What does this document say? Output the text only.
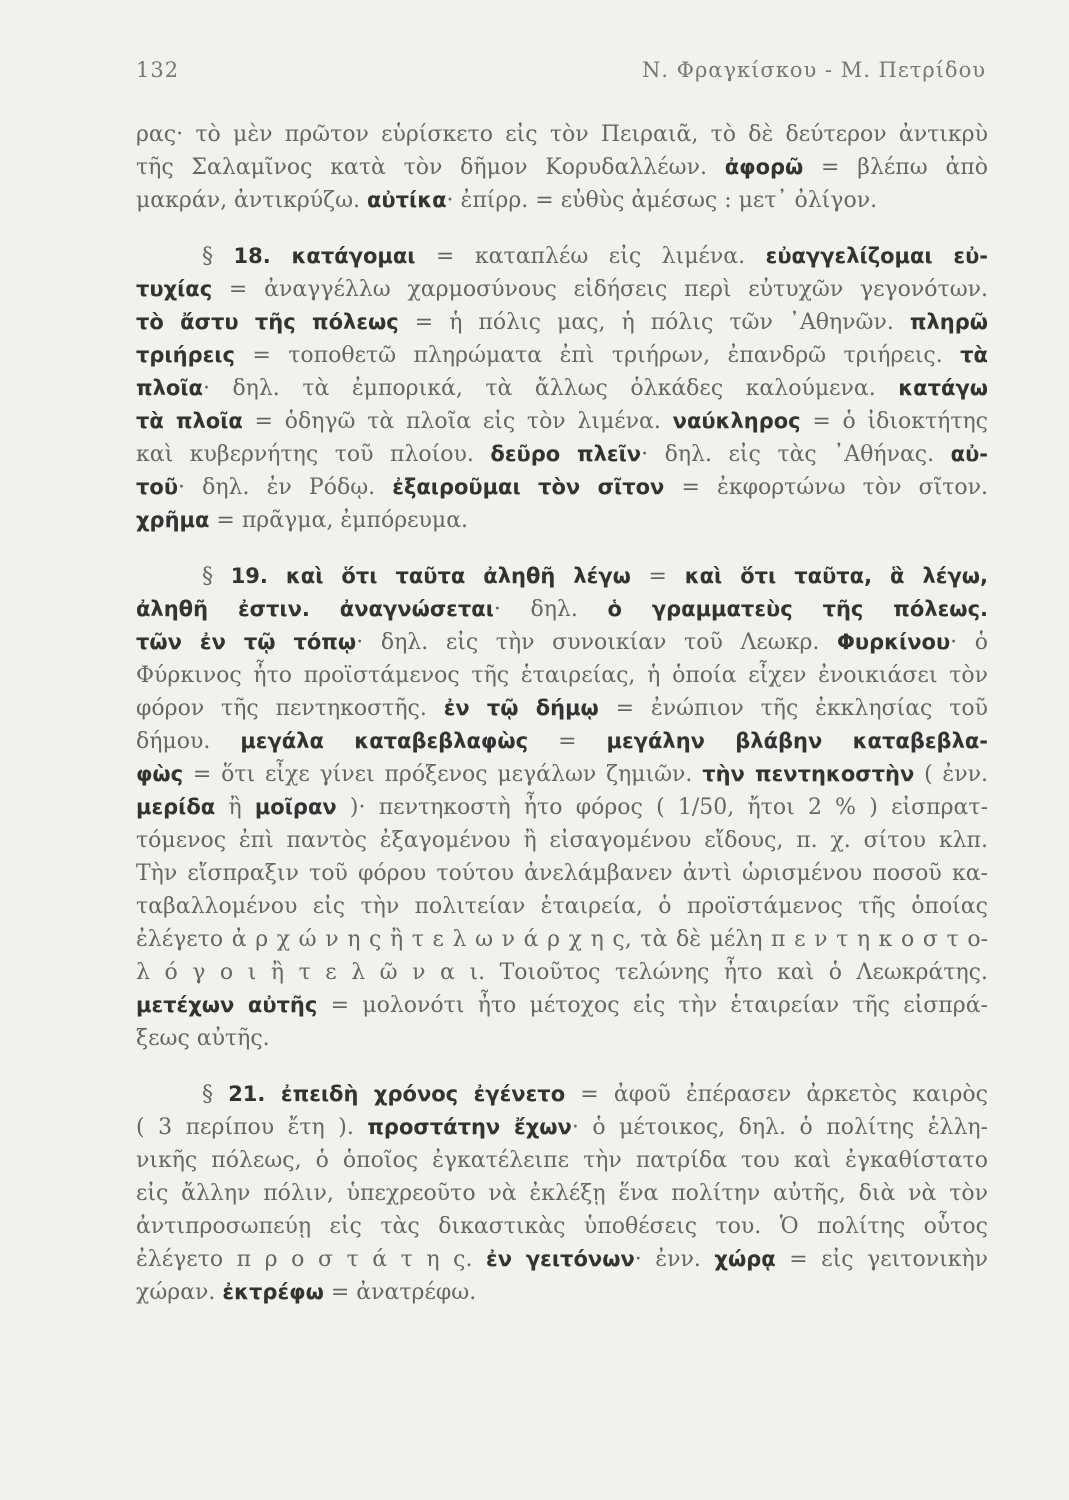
132	Ν. Φραγκίσκου - Μ. Πετρίδου
ρας· τὸ μὲν πρῶτον εὑρίσκετο εἰς τὸν Πειραιᾶ, τὸ δὲ δεύτερον ἀντικρὺ
τῆς Σαλαμῖνος κατὰ τὸν δῆμον Κορυδαλλέων. ἀφορῶ = βλέπω ἀπὸ
μακράν, ἀντικρύζω. αὐτίκα· ἐπίρρ. = εὐθὺς ἀμέσως : μετ᾽ ὀλίγον.
§ 18. κατάγομαι = καταπλέω εἰς λιμένα. εὐαγγελίζομαι εὐ-
τυχίας = ἀναγγέλλω χαρμοσύνους εἰδήσεις περὶ εὐτυχῶν γεγονότων.
τὸ ἄστυ τῆς πόλεως = ἡ πόλις μας, ἡ πόλις τῶν ᾽Αθηνῶν. πληρῶ
τριήρεις = τοποθετῶ πληρώματα ἐπὶ τριήρων, ἐπανδρῶ τριήρεις. τὰ
πλοῖα· δηλ. τὰ ἐμπορικά, τὰ ἄλλως ὁλκάδες καλούμενα. κατάγω
τὰ πλοῖα = ὁδηγῶ τὰ πλοῖα εἰς τὸν λιμένα. ναύκληρος = ὁ ἰδιοκτήτης
καὶ κυβερνήτης τοῦ πλοίου. δεῦρο πλεῖν· δηλ. εἰς τὰς ᾽Αθήνας. αὐ-
τοῦ· δηλ. ἐν Ρόδῳ. ἐξαιροῦμαι τὸν σῖτον = ἐκφορτώνω τὸν σῖτον.
χρῆμα = πρᾶγμα, ἐμπόρευμα.
§ 19. καὶ ὅτι ταῦτα ἀληθῆ λέγω = καὶ ὅτι ταῦτα, ἃ λέγω,
ἀληθῆ ἐστιν. ἀναγνώσεται· δηλ. ὁ γραμματεὺς τῆς πόλεως.
τῶν ἐν τῷ τόπῳ· δηλ. εἰς τὴν συνοικίαν τοῦ Λεωκρ. Φυρκίνου· ὁ
Φύρκινος ἦτο προϊστάμενος τῆς ἑταιρείας, ἡ ὁποία εἶχεν ἐνοικιάσει τὸν
φόρον τῆς πεντηκοστῆς. ἐν τῷ δήμῳ = ἐνώπιον τῆς ἐκκλησίας τοῦ
δήμου. μεγάλα καταβεβλαφὼς = μεγάλην βλάβην καταβεβλα-
φὼς = ὅτι εἶχε γίνει πρόξενος μεγάλων ζημιῶν. τὴν πεντηκοστὴν ( ἐνν.
μερίδα ἢ μοῖραν )· πεντηκοστὴ ἦτο φόρος ( 1/50, ἤτοι 2 % ) εἰσπρατ-
τόμενος ἐπὶ παντὸς ἐξαγομένου ἢ εἰσαγομένου εἴδους, π. χ. σίτου κλπ.
Τὴν εἴσπραξιν τοῦ φόρου τούτου ἀνελάμβανεν ἀντὶ ὡρισμένου ποσοῦ κα-
ταβαλλομένου εἰς τὴν πολιτείαν ἑταιρεία, ὁ προϊστάμενος τῆς ὁποίας
ἐλέγετο ἀ ρ χ ώ ν η ς ἢ τ ε λ ω ν ά ρ χ η ς, τὰ δὲ μέλη π ε ν τ η κ ο σ τ ο-
λ ό γ ο ι ἢ τ ε λ ῶ ν α ι. Τοιοῦτος τελώνης ἦτο καὶ ὁ Λεωκράτης.
μετέχων αὐτῆς = μολονότι ἦτο μέτοχος εἰς τὴν ἑταιρείαν τῆς εἰσπρά-
ξεως αὐτῆς.
§ 21. ἐπειδὴ χρόνος ἐγένετο = ἀφοῦ ἐπέρασεν ἀρκετὸς καιρὸς
( 3 περίπου ἔτη ). προστάτην ἔχων· ὁ μέτοικος, δηλ. ὁ πολίτης ἑλλη-
νικῆς πόλεως, ὁ ὁποῖος ἐγκατέλειπε τὴν πατρίδα του καὶ ἐγκαθίστατο
εἰς ἄλλην πόλιν, ὑπεχρεοῦτο νὰ ἐκλέξῃ ἕνα πολίτην αὐτῆς, διὰ νὰ τὸν
ἀντιπροσωπεύῃ εἰς τὰς δικαστικὰς ὑποθέσεις του. Ὁ πολίτης οὗτος
ἐλέγετο π ρ ο σ τ ά τ η ς. ἐν γειτόνων· ἐνν. χώρᾳ = εἰς γειτονικὴν
χώραν. ἐκτρέφω = ἀνατρέφω.
